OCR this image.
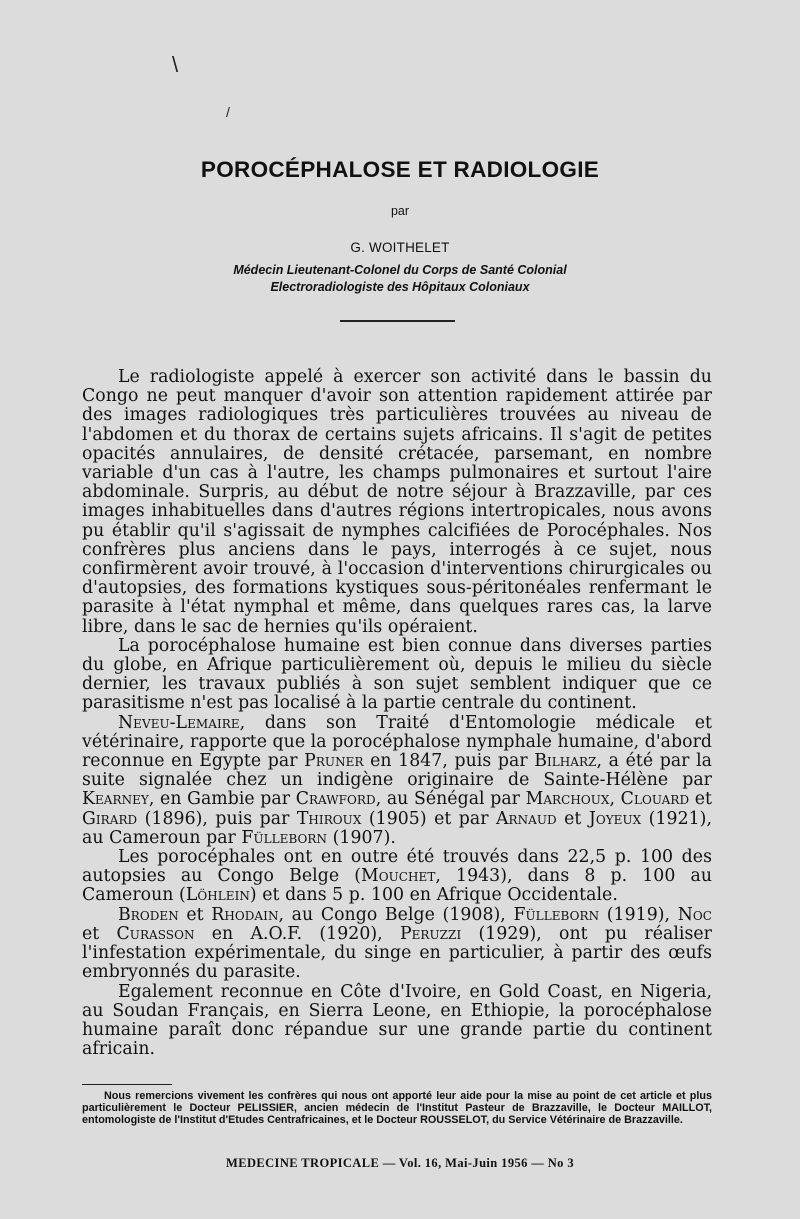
\
/
POROCÉPHALOSE ET RADIOLOGIE
par
G. WOITHELET
Médecin Lieutenant-Colonel du Corps de Santé Colonial
Electroradiologiste des Hôpitaux Coloniaux

Le radiologiste appelé à exercer son activité dans le bassin du Congo ne peut manquer d'avoir son attention rapidement attirée par des images radiologiques très particulières trouvées au niveau de l'abdomen et du thorax de certains sujets africains. Il s'agit de petites opacités annulaires, de densité crétacée, parsemant, en nombre variable d'un cas à l'autre, les champs pulmonaires et surtout l'aire abdominale. Surpris, au début de notre séjour à Brazzaville, par ces images inhabituelles dans d'autres régions intertropicales, nous avons pu établir qu'il s'agissait de nymphes calcifiées de Porocéphales. Nos confrères plus anciens dans le pays, interrogés à ce sujet, nous confirmèrent avoir trouvé, à l'occasion d'interventions chirurgicales ou d'autopsies, des formations kystiques sous-péritonéales renfermant le parasite à l'état nymphal et même, dans quelques rares cas, la larve libre, dans le sac de hernies qu'ils opéraient.

La porocéphalose humaine est bien connue dans diverses parties du globe, en Afrique particulièrement où, depuis le milieu du siècle dernier, les travaux publiés à son sujet semblent indiquer que ce parasitisme n'est pas localisé à la partie centrale du continent.

Neveu-Lemaire, dans son Traité d'Entomologie médicale et vétérinaire, rapporte que la porocéphalose nymphale humaine, d'abord reconnue en Egypte par Pruner en 1847, puis par Bilharz, a été par la suite signalée chez un indigène originaire de Sainte-Hélène par Kearney, en Gambie par Crawford, au Sénégal par Marchoux, Clouard et Girard (1896), puis par Thiroux (1905) et par Arnaud et Joyeux (1921), au Cameroun par Fülleborn (1907).

Les porocéphales ont en outre été trouvés dans 22,5 p. 100 des autopsies au Congo Belge (Mouchet, 1943), dans 8 p. 100 au Cameroun (Löhlein) et dans 5 p. 100 en Afrique Occidentale.

Broden et Rhodain, au Congo Belge (1908), Fülleborn (1919), Noc et Curasson en A.O.F. (1920), Peruzzi (1929), ont pu réaliser l'infestation expérimentale, du singe en particulier, à partir des œufs embryonnés du parasite.

Egalement reconnue en Côte d'Ivoire, en Gold Coast, en Nigeria, au Soudan Français, en Sierra Leone, en Ethiopie, la porocéphalose humaine paraît donc répandue sur une grande partie du continent africain.

Nous remercions vivement les confrères qui nous ont apporté leur aide pour la mise au point de cet article et plus particulièrement le Docteur PELISSIER, ancien médecin de l'Institut Pasteur de Brazzaville, le Docteur MAILLOT, entomologiste de l'Institut d'Etudes Centrafricaines, et le Docteur ROUSSELOT, du Service Vétérinaire de Brazzaville.
MEDECINE TROPICALE — Vol. 16, Mai-Juin 1956 — No 3
